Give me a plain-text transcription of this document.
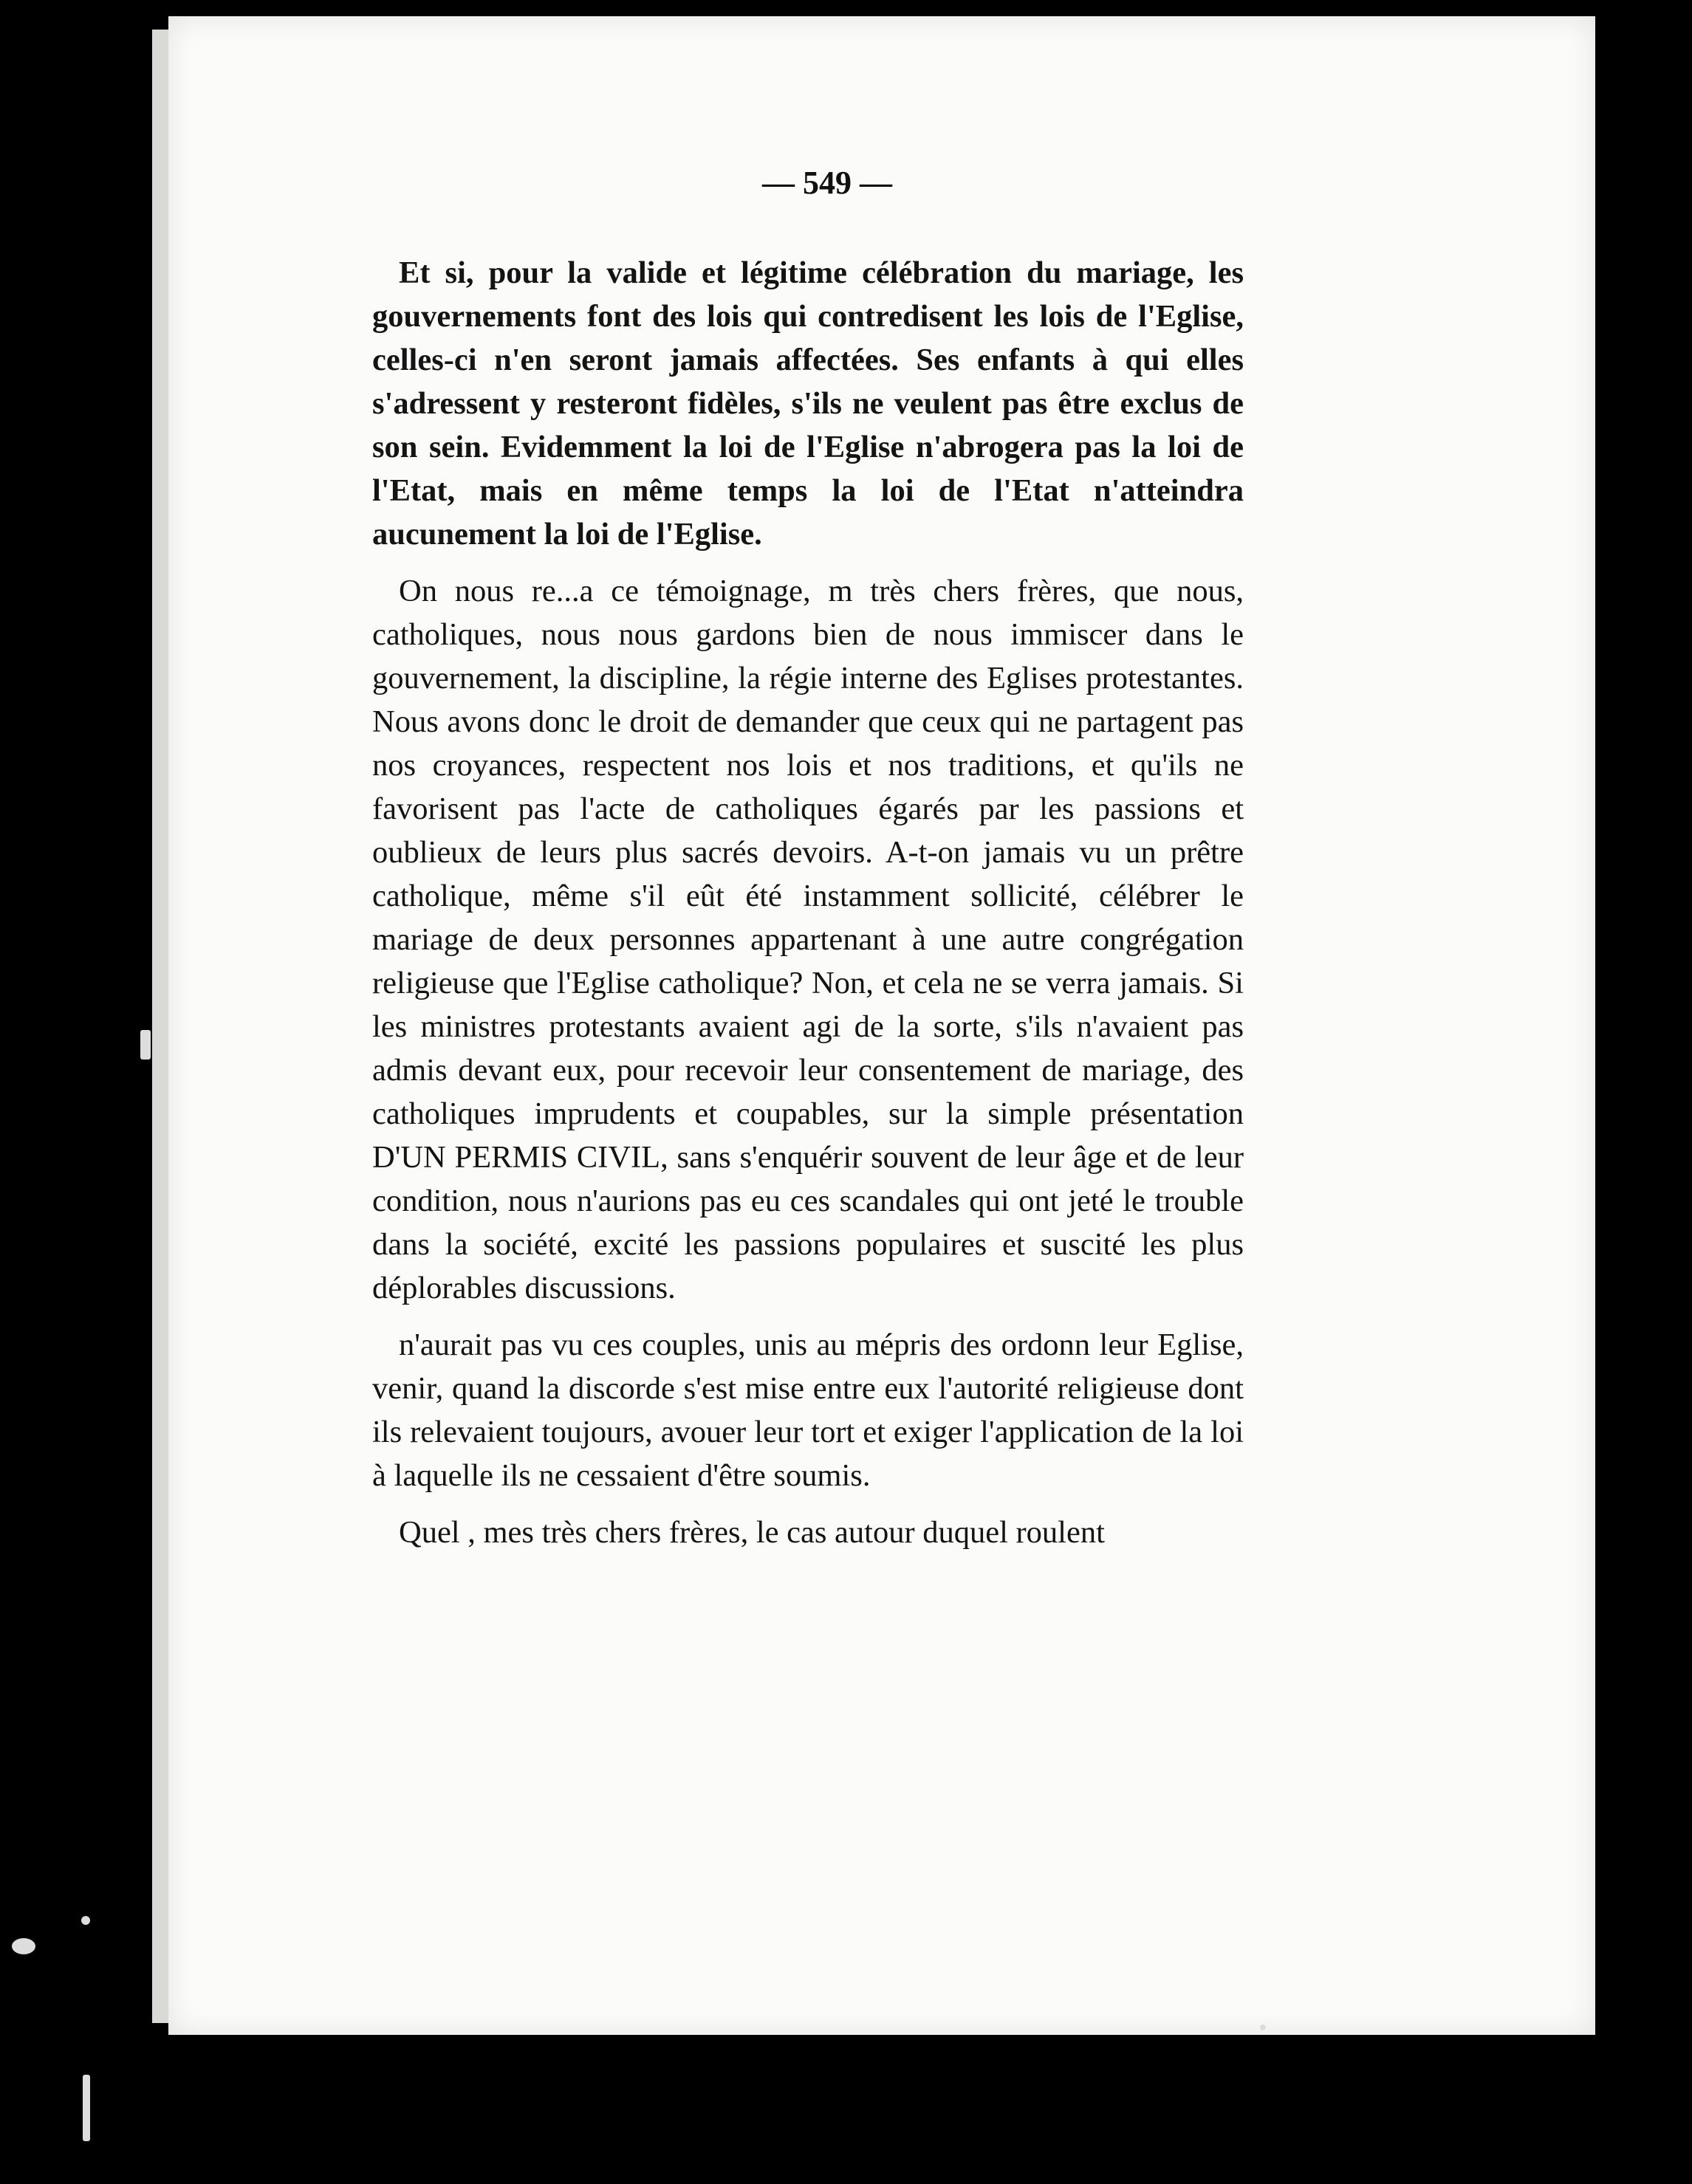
— 549 —

Et si, pour la valide et légitime célébration du mariage, les gouvernements font des lois qui contredisent les lois de l'Eglise, celles-ci n'en seront jamais affectées. Ses enfants à qui elles s'adressent y resteront fidèles, s'ils ne veulent pas être exclus de son sein. Evidemment la loi de l'Eglise n'abrogera pas la loi de l'Etat, mais en même temps la loi de l'Etat n'atteindra aucunement la loi de l'Eglise.

On nous re...a ce témoignage, m très chers frères, que nous, catholiques, nous nous gardons bien de nous immiscer dans le gouvernement, la discipline, la régie interne des Eglises protestantes. Nous avons donc le droit de demander que ceux qui ne partagent pas nos croyances, respectent nos lois et nos traditions, et qu'ils ne favorisent pas l'acte de catholiques égarés par les passions et oublieux de leurs plus sacrés devoirs. A-t-on jamais vu un prêtre catholique, même s'il eût été instamment sollicité, célébrer le mariage de deux personnes appartenant à une autre congrégation religieuse que l'Eglise catholique? Non, et cela ne se verra jamais. Si les ministres protestants avaient agi de la sorte, s'ils n'avaient pas admis devant eux, pour recevoir leur consentement de mariage, des catholiques imprudents et coupables, sur la simple présentation D'UN PERMIS CIVIL, sans s'enquérir souvent de leur âge et de leur condition, nous n'aurions pas eu ces scandales qui ont jeté le trouble dans la société, excité les passions populaires et suscité les plus déplorables discussions.

n'aurait pas vu ces couples, unis au mépris des ordonn leur Eglise, venir, quand la discorde s'est mise entre eux l'autorité religieuse dont ils relevaient toujours, avouer leur tort et exiger l'application de la loi à laquelle ils ne cessaient d'être soumis.

Quel , mes très chers frères, le cas autour duquel roulent
